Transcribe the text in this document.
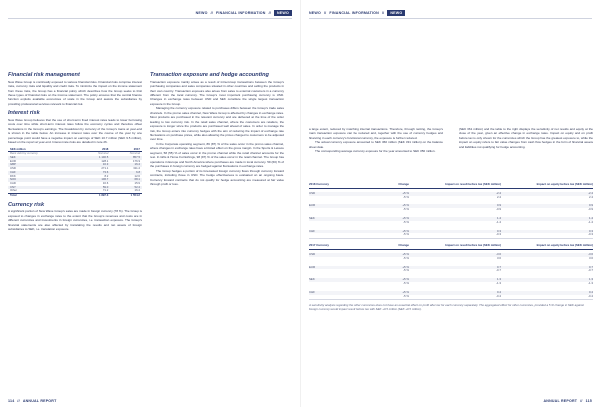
NEWO // FINANCIAL INFORMATION //	NEWO
Financial risk management

New Wave Group is continually exposed to various financial risks. Financial risks comprise interest risks, currency risks and liquidity and credit risks. To minimize the impact on the income statement from these risks, the Group has a financial policy which describes how the Group seeks to limit these types of financial risks on the income statement. The policy ensures that the central finance function exploits available economies of scale in the Group and assists the subsidiaries by providing professional services relevant to financial risk.

Interest risk

New Wave Group believes that the use of short-term fixed interest rates leads to lower borrowing costs over time while short-term interest rates follow the economy cycles and therefore offset fluctuations in the Group's earnings. The breakdown by currency of the Group's loans at year-end is shown in the table below. An increase in interest rates over the course of the year by one percentage point would have a negative impact on earnings of SEK 10.7 million (SEK 9.5 million), based on the report at year-end. Interest rate risks are detailed in note 26.

SEK million	2018	2017
Bank debt by currency	Nominal	Nominal
SEK	1 146.5	857.5
EUR	128.1	176.9
GBP	16.3	16.4
USD	271.1	311.2
CHF	73.6	6.8
DKK	8.2	12.6
NOK	106.7	68.1
CAD	16.6	15.9
CNY	59.0	52.4
Other	71.2	16.4
Total	1 897.3	1 554.2
Currency risk

A significant portion of New Wave Group's sales are made in foreign currency (78 %). The Group is exposed to changes in exchange rates to the extent that the Group's revenues and costs are in different currencies and investments in foreign currencies, i.e. transaction exposure. The Group's financial statements are also affected by translating the results and net assets of foreign subsidiaries to SEK, i.e. translation exposure.

Transaction exposure and hedge accounting

Transaction exposure mainly arises as a result of intra-Group transactions between the Group's purchasing companies and sales companies situated in other countries and selling the products in their own country. Transaction exposure also arises from sales to external customers in a currency different from the local currency. The Group's most important purchasing currency is USD. Changes in exchange rates between USD and SEK constitute the single largest transaction exposure in the Group.

Managing the currency exposure related to purchases differs between the Group's trade sales channels. In the promo sales channel, New Wave Group is affected by changes in exchange rates. Most products are purchased in the relevant currency and are delivered at the time of the order leading to low currency risk. In the retail sales channel, where the customers are retailers, the exposure is longer since the products are purchased well ahead of sales. In order to manage the risk, the Group enters into currency hedges with the aim of reducing the impact of exchange rate fluctuations on purchase prices, while also allowing the prices charged to customers to be adjusted over time.

In the Corporate operating segment, 89 (87) % of the sales occur in the promo sales channel, where changes in exchange rates have a limited effect on the gross margin. In the Sports & Leisure segment, 58 (55) % of sales occur in the promo channel while the retail channel accounts for the rest. In Gifts & Home Furnishings, 98 (97) % of the sales occur in the retail channel. The Group has operations in Europe and North America where purchases are made in local currency. 59 (60) % of the purchases in foreign currency are hedged against fluctuations in exchange rates.

The Group hedges a portion of its forecasted foreign currency flows through currency forward contracts, including those in USD. The hedge effectiveness is evaluated on an ongoing basis. Currency forward contracts that do not qualify for hedge accounting are measured at fair value through profit or loss.

114 // ANNUAL REPORT
NEWO // FINANCIAL INFORMATION //	NEWO

a large extent, reduced by matching internal transactions. Therefore, through netting, the Group's main transaction exposure can be reduced and, together with the use of currency hedges and financing in each currency's functional currency, the exposure is further reduced.

The actual currency exposure amounted to SEK 360 million (SEK 331 million) on the balance sheet date.

The corresponding average currency exposure for the year amounted to SEK 356 million.

(SEK 361 million) and the table to the right displays the sensitivity of net results and equity at the close of the year, given an effective change in exchange rates. Impact on equity and on profit before tax is only shown for the currencies which the Group has the greatest exposure to, while the impact on equity refers to fair value changes from cash flow hedges in the form of financial assets and liabilities not qualifying for hedge accounting.

2018 Currency	Change	Impact on result before tax (SEK million)	Impact on equity before tax (SEK million)
USD	+5 %	-2.4	-2.4
-5 %	2.4	2.4
EUR	+5 %	0.9	0.9
-5 %	-0.9	-0.9
SEK	+5 %	1.4	1.4
-5 %	-1.4	-1.4
CHF	+5 %	0.3	0.3
-5 %	-0.3	-0.3
2017 Currency	Change	Impact on result before tax (SEK million)	Impact on equity before tax (SEK million)
USD	+5 %	-3.6	-3.6
-5 %	3.6	3.6
EUR	+5 %	0.7	0.7
-5 %	-0.7	-0.7
SEK	+5 %	1.3	1.3
-5 %	-1.3	-1.3
CHF	+5 %	0.4	0.4
-5 %	-0.4	-0.4
A sensitivity analysis regarding the other currencies does not have an essential effect on profit after tax for each currency separately. The aggregated effect for other currencies, provided a 5 % change in SEK against foreign currency would impact result before tax with SEK +0.5 million (SEK +0.5 million).
ANNUAL REPORT // 115
